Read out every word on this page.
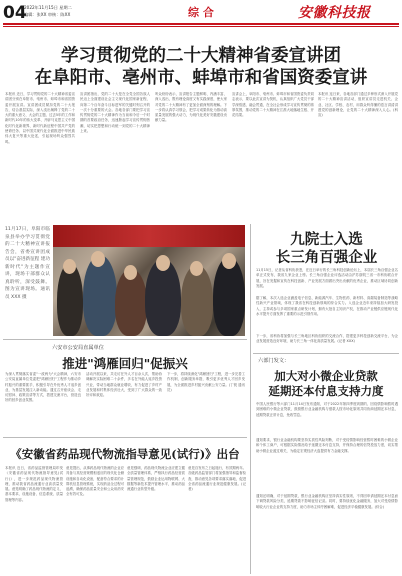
04
2022年11月15日 星期二
编辑：张XX 审核：陈XX	综 合	安徽科技报
学习贯彻党的二十大精神省委宣讲团
在阜阳市、亳州市、蚌埠市和省国资委宣讲
本报讯 近日，学习贯彻党的二十大精神省委宣讲团分别在阜阳市、亳州市、蚌埠市和省国资委开展宣讲。宣讲团成员紧扣党的二十大报告，结合基层实际，深入浅出阐释了党的二十大的重大意义、大会的主题、过去5年的工作和新时代10年的伟大变革、开辟马克思主义中国化时代化新境界、新时代新征程中国共产党的使命任务、以中国式现代化全面推进中华民族伟大复兴等重大论述，引起现场听众强烈共鸣。
宣讲团指出，党的二十大是在全党全国各族人民迈上全面建设社会主义现代化国家新征程、向第二个百年奋斗目标进军的关键时刻召开的一次十分重要的大会。各地各部门要把学习宣传贯彻党的二十大精神作为当前和今后一个时期的首要政治任务，迅速掀起学习宣传贯彻热潮，切实把思想和行动统一到党的二十大精神上来。
听众纷纷表示，宣讲报告主题鲜明、内涵丰富、深入浅出，既有理论高度又有实践深度，使大家对党的二十大精神有了更加全面深刻的理解。下一步将认真学习领会，把学习成果转化为推动高质量发展的强大动力，为现代化美好安徽建设贡献力量。
宣讲会上，阜阳市、亳州市、蚌埠市和省国资委负责同志表示，要以此次宣讲为契机，认真组织广大党员干部学深悟透、融会贯通，在全社会形成学习宣传贯彻的浓厚氛围，推动党的二十大精神在江淮大地落地生根、开花结果。
本报讯 连日来，各地各部门通过多种形式深入开展党的二十大精神宣讲活动，组织宣讲员走进机关、企业、社区、学校、农村，用群众听得懂的语言讲清讲透党的创新理论，让党的二十大精神深入人心。(科宣)
11月17日，阜阳市临泉县举办学习贯彻党的二十大精神宣讲报告会，省委宣讲团成员以"奋进新征程 建功新时代"为主题作宣讲，现场干部群众认真聆听，深受鼓舞。图为宣讲现场。通讯员 XXX 摄
九院士入选
长三角百强企业
11月15日，记者从省科协获悉，在近日举行的长三角科技创新论坛上，本届长三角百强企业名单正式发布，我省九家企业上榜。长三角百强企业评选活动由沪苏浙皖三省一市科协联合开展，旨在发掘和宣传在科技创新、产业发展方面做出突出贡献的优秀企业，推动区域协同创新发展。
据了解，本次入选企业涵盖电子信息、新能源汽车、生物医药、新材料、高端装备制造等战略性新兴产业领域，体现了我省在科技创新领域的综合实力。入选企业近年来持续加大研发投入，主持或参与多项国家重点研发计划，拥有大批自主知识产权，在推动产业链供应链现代化水平提升方面发挥了重要的示范引领作用。
下一步，省科协将加强与长三角地区科协组织的交流合作，搭建更多科技创新交流平台，为企业发展营造良好环境，助力长三角一体化高质量发展。(记者 XXX)
六安市公安局直属单位
推进"鸿雁回归"促振兴
为深入贯彻落实省委"一改两为"大会精神，六安市公安局直属单位党委把"鸿雁回归"工程作为推动乡村振兴的重要抓手，积极引导在外优秀人才返乡创业，为基层发展注入新动能。通过召开座谈会、走访慰问、政策宣讲等方式，搭建交流平台，营造良好的回乡创业氛围。
活动开展以来，共走访在外人才百余人次，帮助协调解决实际困难二十余件，多名在外能人返乡投资兴业，带动当地群众就业增收，有力促进了乡村产业发展和村集体经济壮大，受到了广大群众的一致好评和欢迎。
下一步，将持续深化"鸿雁回归"工程，进一步完善工作机制，创新服务举措，吸引更多优秀人才回乡发展，为全面推进乡村振兴贡献公安力量。(丁锐 通讯员)
《安徽省药品现代物流指导意见(试行)》出台
本报讯 近日，省药品监督管理局印发《安徽省药品现代物流指导意见(试行)》，进一步规范药品现代物流管理，推动我省药品流通行业高质量发展。意见明确了药品现代物流的定义、基本要求、设施设备、信息系统、质量管理等内容。
意见提出，从事药品现代物流的企业应具备与其经营规模相适应的现代化仓储设施和自动化设备，配备符合要求的计算机信息管理系统，实现药品全过程可追溯，确保药品质量安全和公众用药安全有效可及。
意见强调，药品现代物流企业应建立健全质量管理体系，严格执行药品经营质量管理规范，鼓励企业运用物联网、大数据等新技术提升管理水平，推动药品流通行业转型升级。
意见自发布之日起施行，有效期两年。各级药品监管部门将加强指导和监督检查，推动意见各项要求落实落地，促进全省药品流通行业规范健康发展。(记者)
六部门发文：
加大对小微企业贷款
延期还本付息支持力度
中国人民银行等六部门11月14日发布通知，对于2022年第四季度到期的、因疫情影响暂时遇到困难的小微企业贷款，鼓励银行业金融机构与借款人按市场化原则共同协商延期还本付息，延期贷款正常计息，免收罚息。
通知要求，银行业金融机构要坚持实质性风险判断，对于受疫情影响经营暂时困难的小微企业和个体工商户，可根据实际情况给予延期还本付息支持，并保持合理的信贷投放力度，切实帮助小微企业渡过难关，为稳定宏观经济大盘提供有力金融支撑。
通知还明确，对于延期贷款，银行业金融机构应坚持真实性原则，不得因申请延期还本付息而下调贷款风险分类，延期贷款不影响征信记录。同时，要持续优化金融服务，加大对受疫情影响较大行业企业的支持力度，助力市场主体纾困解难，促进经济平稳健康发展。(综合)
